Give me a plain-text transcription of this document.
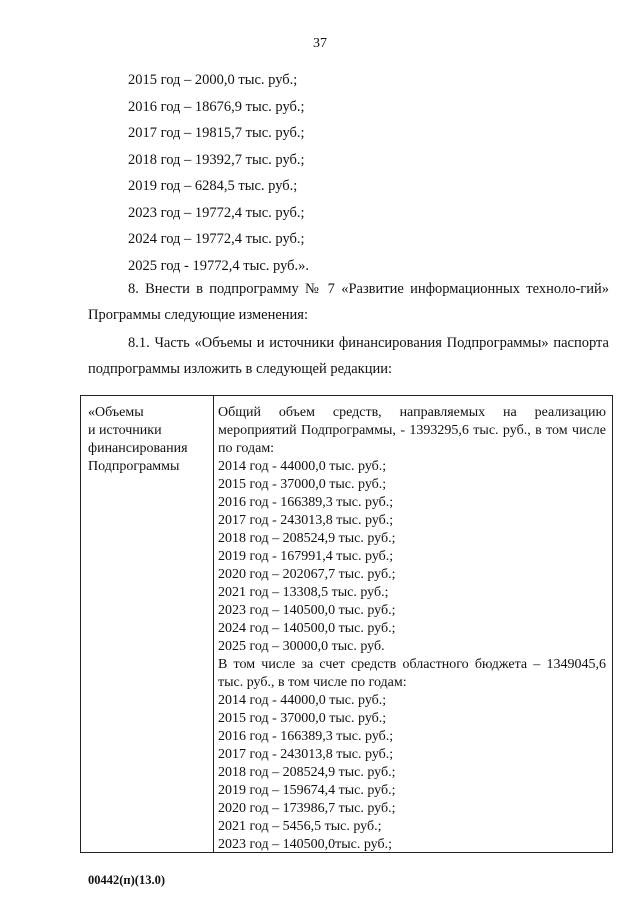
37
2015 год – 2000,0 тыс. руб.;
2016 год – 18676,9 тыс. руб.;
2017 год – 19815,7 тыс. руб.;
2018 год – 19392,7 тыс. руб.;
2019 год – 6284,5 тыс. руб.;
2023 год – 19772,4 тыс. руб.;
2024 год – 19772,4 тыс. руб.;
2025 год - 19772,4 тыс. руб.».
8. Внести в подпрограмму № 7 «Развитие информационных техноло-гий» Программы следующие изменения:
8.1. Часть «Объемы и источники финансирования Подпрограммы» паспорта подпрограммы изложить в следующей редакции:
«Объемы
и источники
финансирования
Подпрограммы
Общий объем средств, направляемых на реализацию мероприятий Подпрограммы, - 1393295,6 тыс. руб., в том числе по годам:
2014 год - 44000,0 тыс. руб.;
2015 год - 37000,0 тыс. руб.;
2016 год - 166389,3 тыс. руб.;
2017 год - 243013,8 тыс. руб.;
2018 год – 208524,9 тыс. руб.;
2019 год - 167991,4 тыс. руб.;
2020 год – 202067,7 тыс. руб.;
2021 год – 13308,5 тыс. руб.;
2023 год – 140500,0 тыс. руб.;
2024 год – 140500,0 тыс. руб.;
2025 год – 30000,0 тыс. руб.
В том числе за счет средств областного бюджета – 1349045,6 тыс. руб., в том числе по годам:
2014 год - 44000,0 тыс. руб.;
2015 год - 37000,0 тыс. руб.;
2016 год - 166389,3 тыс. руб.;
2017 год - 243013,8 тыс. руб.;
2018 год – 208524,9 тыс. руб.;
2019 год – 159674,4 тыс. руб.;
2020 год – 173986,7 тыс. руб.;
2021 год – 5456,5 тыс. руб.;
2023 год – 140500,0тыс. руб.;
00442(п)(13.0)
